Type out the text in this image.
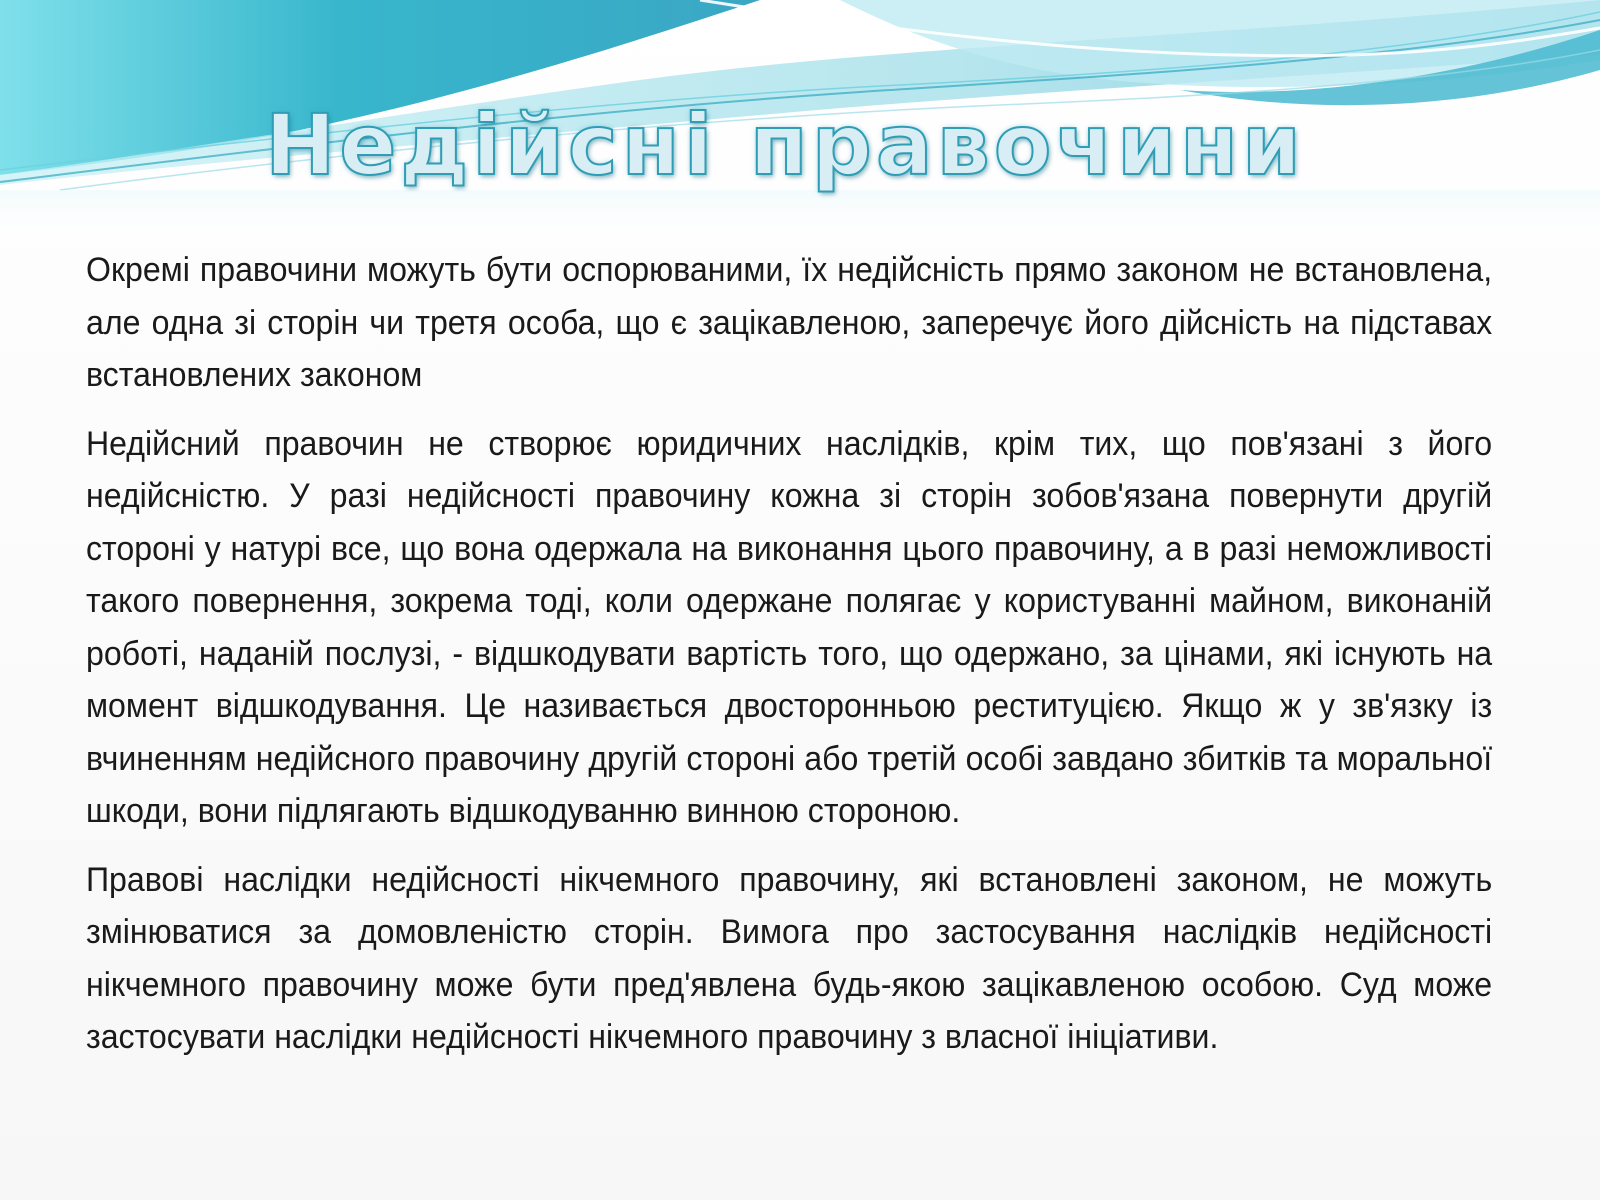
Недійсні правочини

Окремі правочини можуть бути оспорюваними, їх недійсність прямо законом не встановлена, але одна зі сторін чи третя особа, що є зацікавленою, заперечує його дійсність на підставах встановлених законом

Недійсний правочин не створює юридичних наслідків, крім тих, що пов'язані з його недійсністю. У разі недійсності правочину кожна зі сторін зобов'язана повернути другій стороні у натурі все, що вона одержала на виконання цього правочину, а в разі неможливості такого повернення, зокрема тоді, коли одержане полягає у користуванні майном, виконаній роботі, наданій послузі, - відшкодувати вартість того, що одержано, за цінами, які існують на момент відшкодування. Це називається двосторонньою реституцією. Якщо ж у зв'язку із вчиненням недійсного правочину другій стороні або третій особі завдано збитків та моральної шкоди, вони підлягають відшкодуванню винною стороною.

Правові наслідки недійсності нікчемного правочину, які встановлені законом, не можуть змінюватися за домовленістю сторін. Вимога про застосування наслідків недійсності нікчемного правочину може бути пред'явлена будь-якою зацікавленою особою. Суд може застосувати наслідки недійсності нікчемного правочину з власної ініціативи.
